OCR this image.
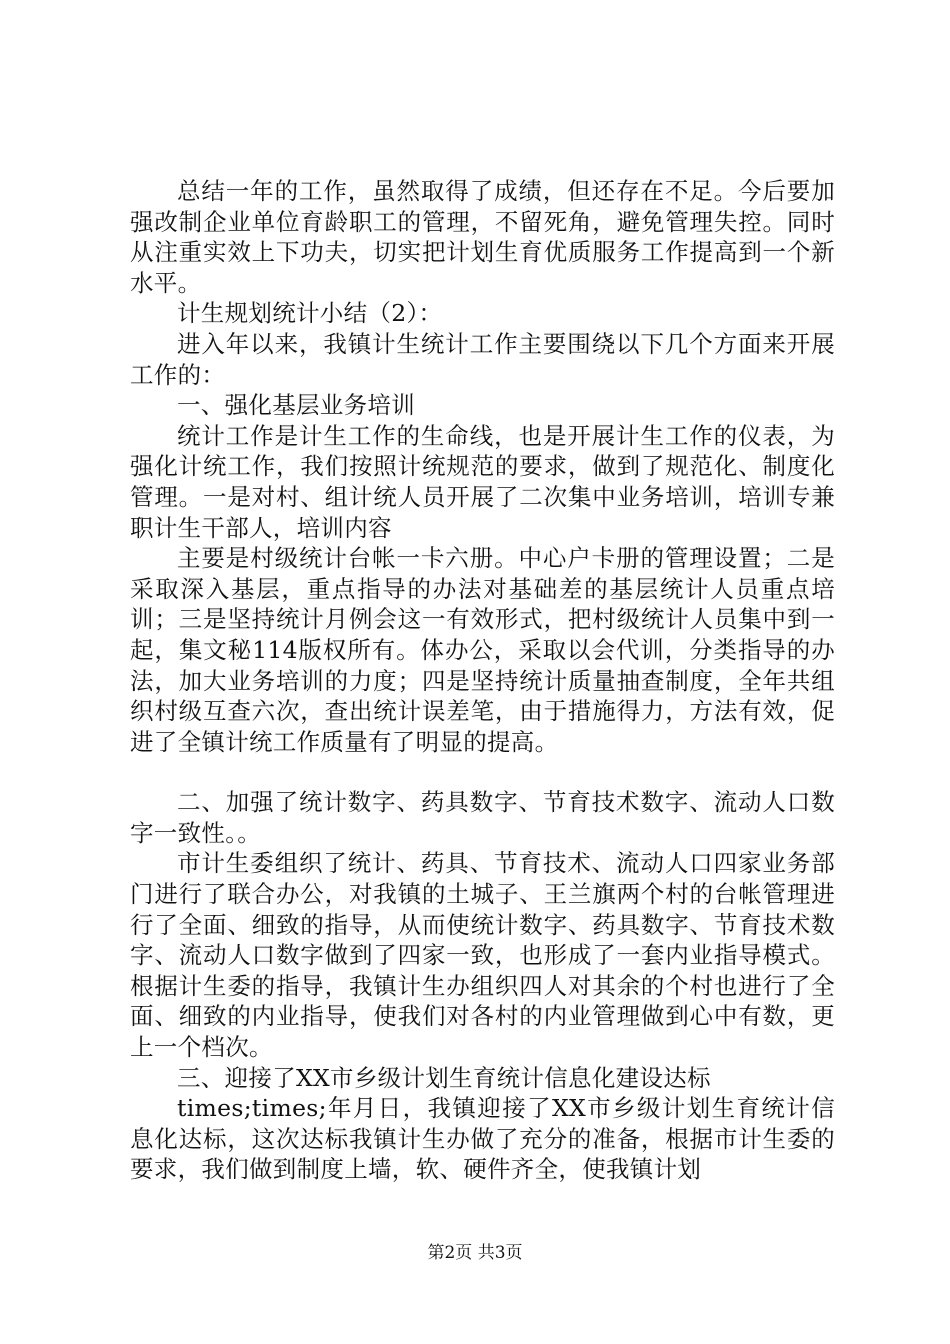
总结一年的工作，虽然取得了成绩，但还存在不足。今后要加强改制企业单位育龄职工的管理，不留死角，避免管理失控。同时从注重实效上下功夫，切实把计划生育优质服务工作提高到一个新水平。

计生规划统计小结（2）：

进入年以来，我镇计生统计工作主要围绕以下几个方面来开展工作的：

一、强化基层业务培训

统计工作是计生工作的生命线，也是开展计生工作的仪表，为强化计统工作，我们按照计统规范的要求，做到了规范化、制度化管理。一是对村、组计统人员开展了二次集中业务培训，培训专兼职计生干部人，培训内容

主要是村级统计台帐一卡六册。中心户卡册的管理设置；二是采取深入基层，重点指导的办法对基础差的基层统计人员重点培训；三是坚持统计月例会这一有效形式，把村级统计人员集中到一起，集文秘114版权所有。体办公，采取以会代训，分类指导的办法，加大业务培训的力度；四是坚持统计质量抽查制度，全年共组织村级互查六次，查出统计误差笔，由于措施得力，方法有效，促进了全镇计统工作质量有了明显的提高。

二、加强了统计数字、药具数字、节育技术数字、流动人口数字一致性。。

市计生委组织了统计、药具、节育技术、流动人口四家业务部门进行了联合办公，对我镇的土城子、王兰旗两个村的台帐管理进行了全面、细致的指导，从而使统计数字、药具数字、节育技术数字、流动人口数字做到了四家一致，也形成了一套内业指导模式。根据计生委的指导，我镇计生办组织四人对其余的个村也进行了全面、细致的内业指导，使我们对各村的内业管理做到心中有数，更上一个档次。

三、迎接了XX市乡级计划生育统计信息化建设达标

times;times;年月日，我镇迎接了XX市乡级计划生育统计信息化达标，这次达标我镇计生办做了充分的准备，根据市计生委的要求，我们做到制度上墙，软、硬件齐全，使我镇计划

第2页 共3页
